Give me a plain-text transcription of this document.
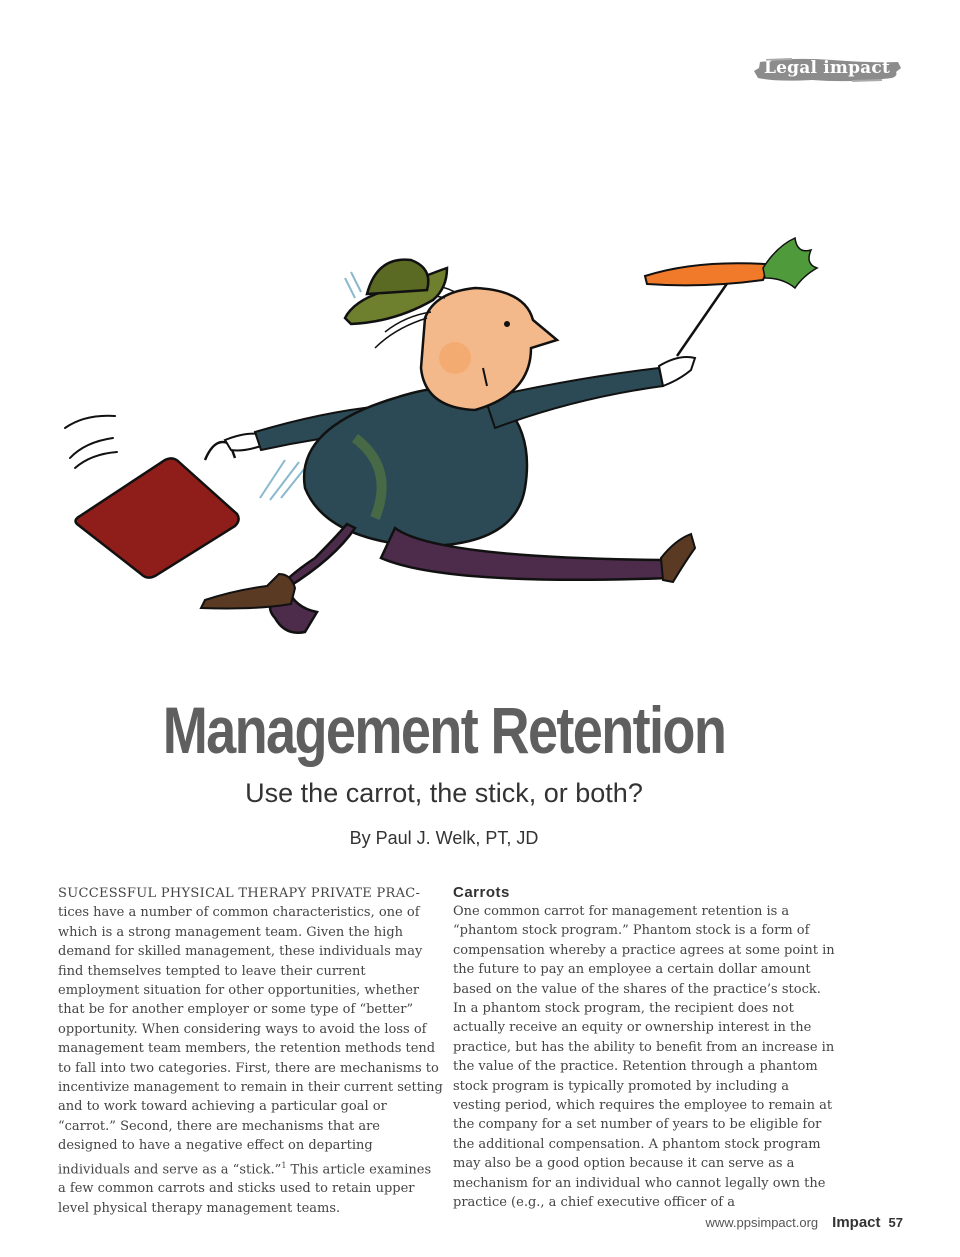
Legal impact
Management Retention
Use the carrot, the stick, or both?
By Paul J. Welk, PT, JD

SUCCESSFUL PHYSICAL THERAPY PRIVATE PRAC- tices have a number of common characteristics, one of which is a strong management team. Given the high demand for skilled management, these individuals may find themselves tempted to leave their current employment situation for other opportunities, whether that be for another employer or some type of “better” opportunity. When considering ways to avoid the loss of management team members, the retention methods tend to fall into two categories. First, there are mechanisms to incentivize management to remain in their current setting and to work toward achieving a particular goal or “carrot.” Second, there are mechanisms that are designed to have a negative effect on departing individuals and serve as a “stick.”$^1$ This article examines a few common carrots and sticks used to retain upper level physical therapy management teams.

Carrots

One common carrot for management retention is a “phantom stock program.” Phantom stock is a form of compensation whereby a practice agrees at some point in the future to pay an employee a certain dollar amount based on the value of the shares of the practice’s stock. In a phantom stock program, the recipient does not actually receive an equity or ownership interest in the practice, but has the ability to benefit from an increase in the value of the practice. Retention through a phantom stock program is typically promoted by including a vesting period, which requires the employee to remain at the company for a set number of years to be eligible for the additional compensation. A phantom stock program may also be a good option because it can serve as a mechanism for an individual who cannot legally own the practice (e.g., a chief executive officer of a

www.ppsimpact.org Impact 57
